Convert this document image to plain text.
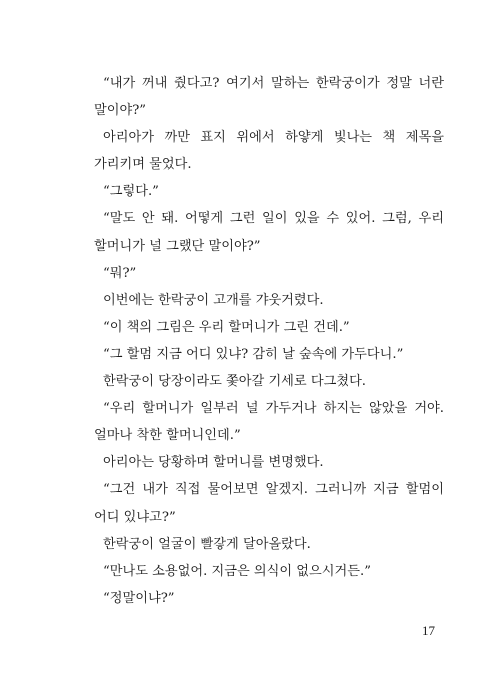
“내가 꺼내 줬다고? 여기서 말하는 한락궁이가 정말 너란 말이야?”

아리아가 까만 표지 위에서 하얗게 빛나는 책 제목을 가리키며 물었다.

“그렇다.”

“말도 안 돼. 어떻게 그런 일이 있을 수 있어. 그럼, 우리 할머니가 널 그랬단 말이야?”

“뭐?”

이번에는 한락궁이 고개를 갸웃거렸다.

“이 책의 그림은 우리 할머니가 그린 건데.”

“그 할멈 지금 어디 있냐? 감히 날 숲속에 가두다니.”

한락궁이 당장이라도 쫓아갈 기세로 다그쳤다.

“우리 할머니가 일부러 널 가두거나 하지는 않았을 거야. 얼마나 착한 할머니인데.”

아리아는 당황하며 할머니를 변명했다.

“그건 내가 직접 물어보면 알겠지. 그러니까 지금 할멈이 어디 있냐고?”

한락궁이 얼굴이 빨갛게 달아올랐다.

“만나도 소용없어. 지금은 의식이 없으시거든.”

“정말이냐?”

17
